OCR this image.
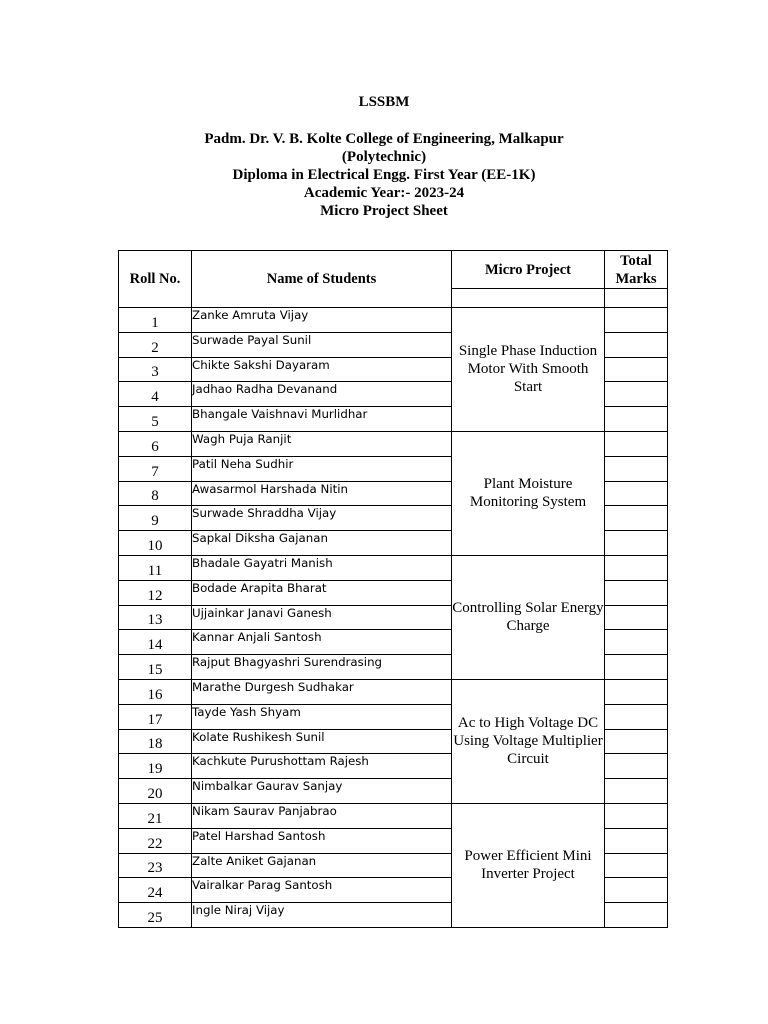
LSSBM
Padm. Dr. V. B. Kolte College of Engineering, Malkapur
(Polytechnic)
Diploma in Electrical Engg. First Year (EE-1K)
Academic Year:- 2023-24
Micro Project Sheet
Roll No.	Name of Students	Micro Project	Total Marks

1	Zanke Amruta Vijay	Single Phase Induction Motor With Smooth Start	
2	Surwade Payal Sunil		
3	Chikte Sakshi Dayaram		
4	Jadhao Radha Devanand		
5	Bhangale Vaishnavi Murlidhar		
6	Wagh Puja Ranjit	Plant Moisture Monitoring System	
7	Patil Neha Sudhir		
8	Awasarmol Harshada Nitin		
9	Surwade Shraddha Vijay		
10	Sapkal Diksha Gajanan		
11	Bhadale Gayatri Manish	Controlling Solar Energy Charge	
12	Bodade Arapita Bharat		
13	Ujjainkar Janavi Ganesh		
14	Kannar Anjali Santosh		
15	Rajput Bhagyashri Surendrasing		
16	Marathe Durgesh Sudhakar	Ac to High Voltage DC Using Voltage Multiplier Circuit	
17	Tayde Yash Shyam		
18	Kolate Rushikesh Sunil		
19	Kachkute Purushottam Rajesh		
20	Nimbalkar Gaurav Sanjay		
21	Nikam Saurav Panjabrao	Power Efficient Mini Inverter Project	
22	Patel Harshad Santosh		
23	Zalte Aniket Gajanan		
24	Vairalkar Parag Santosh		
25	Ingle Niraj Vijay		
